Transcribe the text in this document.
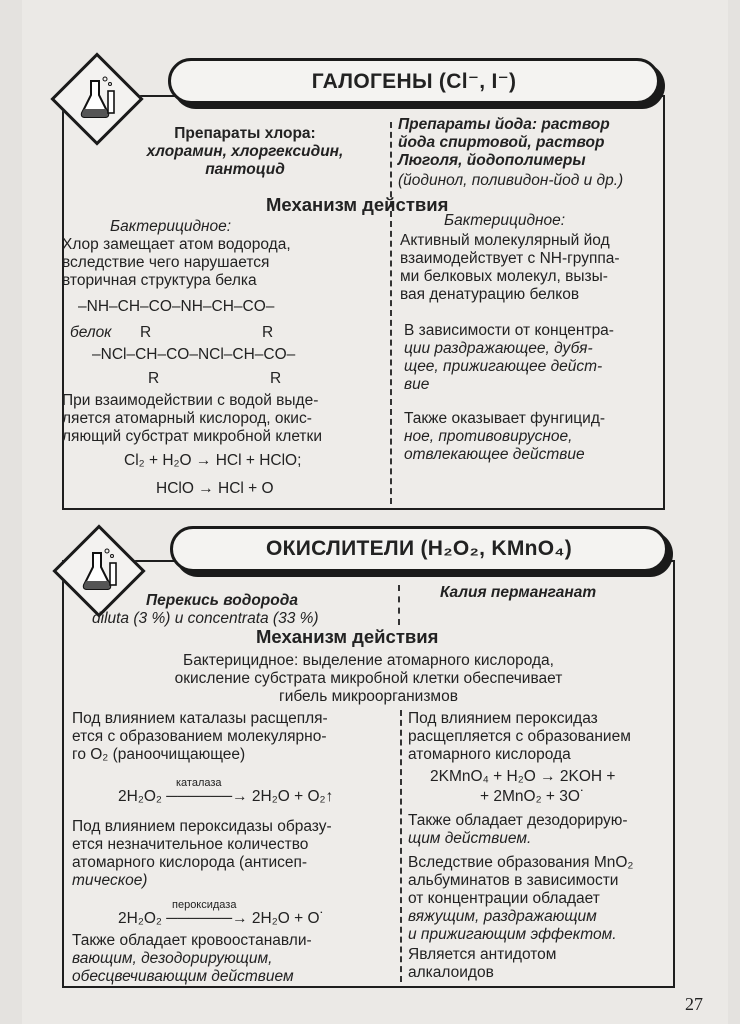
ГАЛОГЕНЫ (Cl⁻, I⁻)
Препараты хлора:
хлорамин, хлоргексидин,
пантоцид
Препараты йода: раствор
йода спиртовой, раствор
Люголя, йодополимеры
(йодинол, поливидон-йод и др.)
Механизм действия
Бактерицидное:
Хлор замещает атом водорода,
вследствие чего нарушается
вторичная структура белка
–NH–CH–CO–NH–CH–CO–
белок R	R
–NCl–CH–CO–NCl–CH–CO–
R	R
При взаимодействии с водой выде-
ляется атомарный кислород, окис-
ляющий субстрат микробной клетки
Cl₂ + H₂O → HCl + HClO;
HClO → HCl + O
Бактерицидное:
Активный молекулярный йод
взаимодействует с NH-группа-
ми белковых молекул, вызы-
вая денатурацию белков
В зависимости от концентра-
ции раздражающее, дубя-
щее, прижигающее дейст-
вие
Также оказывает фунгицид-
ное, противовирусное,
отвлекающее действие
ОКИСЛИТЕЛИ (H₂O₂, KMnO₄)
Перекись водорода
diluta (3 %) и concentrata (33 %)
Калия перманганат
Механизм действия
Бактерицидное: выделение атомарного кислорода,
окисление субстрата микробной клетки обеспечивает
гибель микроорганизмов
Под влиянием каталазы расщепля-
ется с образованием молекулярно-
го O₂ (раноочищающее)
каталаза
2H₂O₂ ──────→ 2H₂O + O₂↑
Под влиянием пероксидазы образу-
ется незначительное количество
атомарного кислорода (антисеп-
тическое)
пероксидаза
2H₂O₂ ──────→ 2H₂O + O˙
Также обладает кровоостанавли-
вающим, дезодорирующим,
обесцвечивающим действием
Под влиянием пероксидаз
расщепляется с образованием
атомарного кислорода
2KMnO₄ + H₂O → 2KOH +
+ 2MnO₂ + 3O˙
Также обладает дезодорирую-
щим действием.
Вследствие образования MnO₂
альбуминатов в зависимости
от концентрации обладает
вяжущим, раздражающим
и прижигающим эффектом.
Является антидотом
алкалоидов
27
